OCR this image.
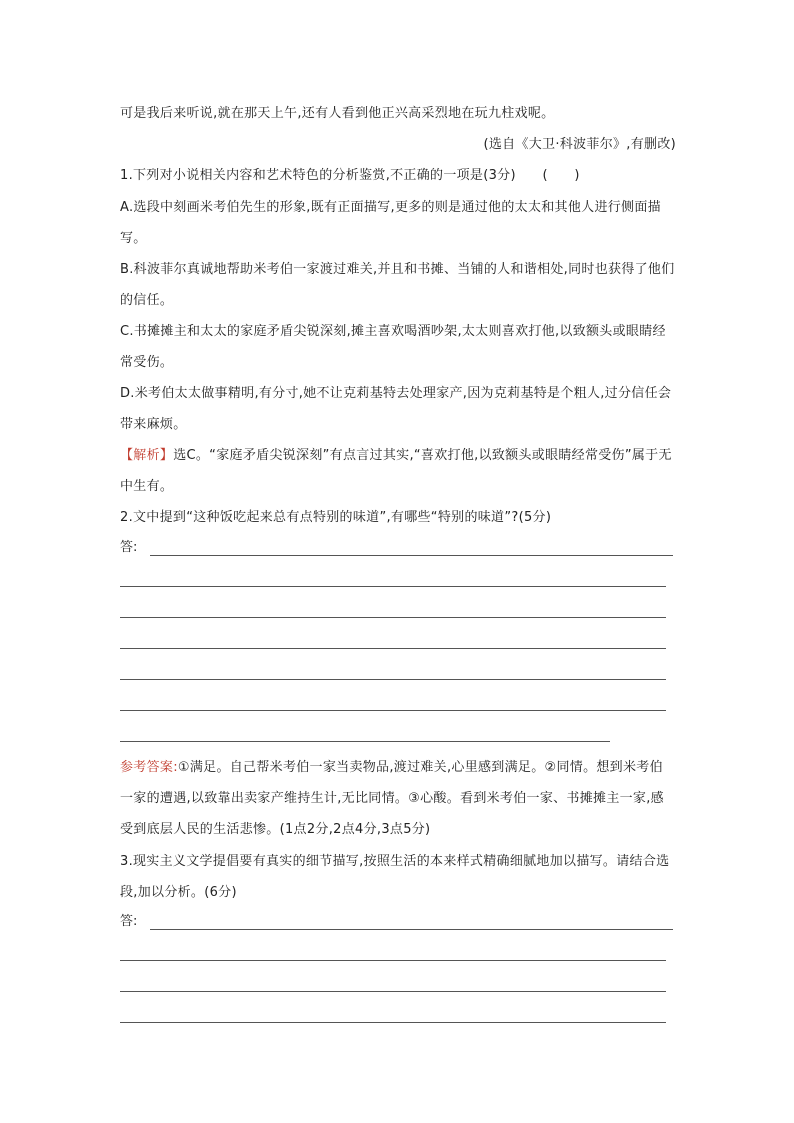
可是我后来听说,就在那天上午,还有人看到他正兴高采烈地在玩九柱戏呢。

(选自《大卫·科波菲尔》,有删改)

1.下列对小说相关内容和艺术特色的分析鉴赏,不正确的一项是(3分)　　(　　)

A.选段中刻画米考伯先生的形象,既有正面描写,更多的则是通过他的太太和其他人进行侧面描写。

B.科波菲尔真诚地帮助米考伯一家渡过难关,并且和书摊、当铺的人和谐相处,同时也获得了他们的信任。

C.书摊摊主和太太的家庭矛盾尖锐深刻,摊主喜欢喝酒吵架,太太则喜欢打他,以致额头或眼睛经常受伤。

D.米考伯太太做事精明,有分寸,她不让克莉基特去处理家产,因为克莉基特是个粗人,过分信任会带来麻烦。

【解析】选C。“家庭矛盾尖锐深刻”有点言过其实,“喜欢打他,以致额头或眼睛经常受伤”属于无中生有。

2.文中提到“这种饭吃起来总有点特别的味道”,有哪些“特别的味道”?(5分)

答:

参考答案:①满足。自己帮米考伯一家当卖物品,渡过难关,心里感到满足。②同情。想到米考伯一家的遭遇,以致靠出卖家产维持生计,无比同情。③心酸。看到米考伯一家、书摊摊主一家,感受到底层人民的生活悲惨。(1点2分,2点4分,3点5分)

3.现实主义文学提倡要有真实的细节描写,按照生活的本来样式精确细腻地加以描写。请结合选段,加以分析。(6分)

答:
